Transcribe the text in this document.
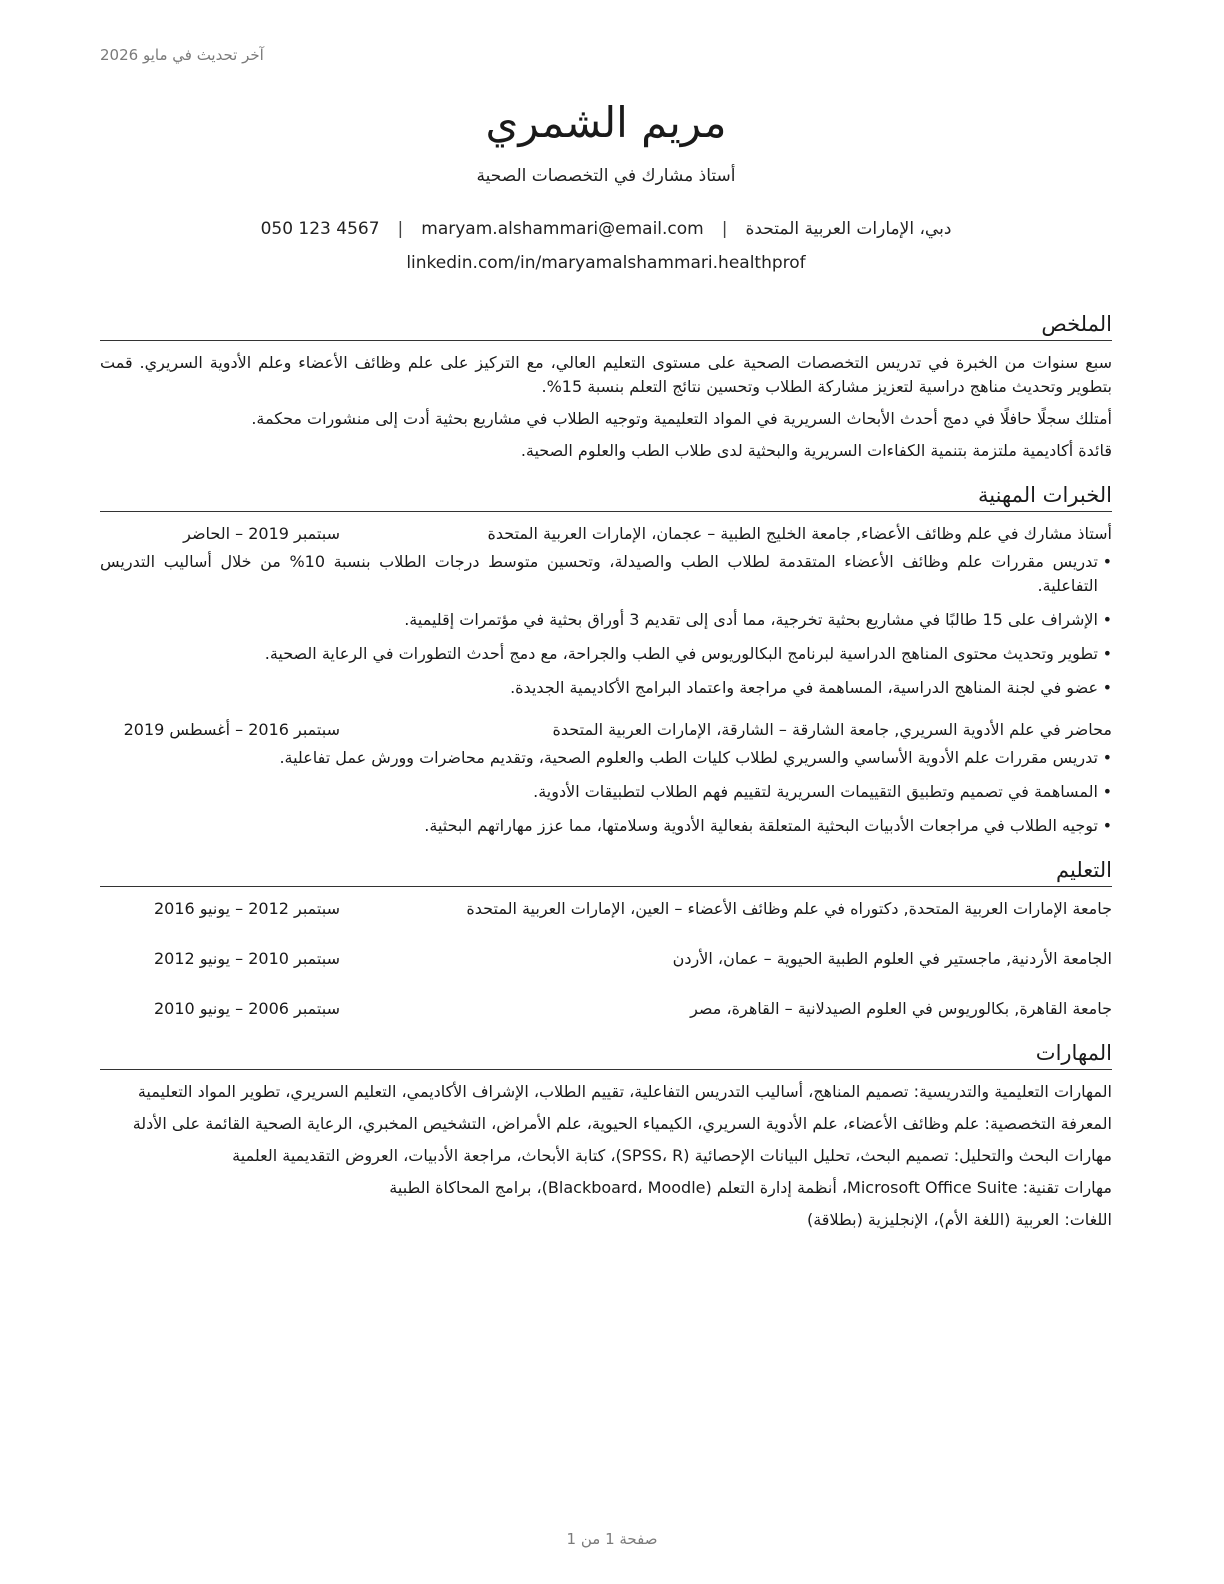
آخر تحديث في مايو 2026
مريم الشمري
أستاذ مشارك في التخصصات الصحية
دبي، الإمارات العربية المتحدة|maryam.alshammari@email.com|050 123 4567
linkedin.com/in/maryamalshammari.healthprof
الملخص

سبع سنوات من الخبرة في تدريس التخصصات الصحية على مستوى التعليم العالي، مع التركيز على علم وظائف الأعضاء وعلم الأدوية السريري. قمت بتطوير وتحديث مناهج دراسية لتعزيز مشاركة الطلاب وتحسين نتائج التعلم بنسبة 15%.

أمتلك سجلًا حافلًا في دمج أحدث الأبحاث السريرية في المواد التعليمية وتوجيه الطلاب في مشاريع بحثية أدت إلى منشورات محكمة.

قائدة أكاديمية ملتزمة بتنمية الكفاءات السريرية والبحثية لدى طلاب الطب والعلوم الصحية.

الخبرات المهنية
أستاذ مشارك في علم وظائف الأعضاء, جامعة الخليج الطبية – عجمان، الإمارات العربية المتحدة
سبتمبر 2019 – الحاضر
• تدريس مقررات علم وظائف الأعضاء المتقدمة لطلاب الطب والصيدلة، وتحسين متوسط درجات الطلاب بنسبة 10% من خلال أساليب التدريس التفاعلية.
• الإشراف على 15 طالبًا في مشاريع بحثية تخرجية، مما أدى إلى تقديم 3 أوراق بحثية في مؤتمرات إقليمية.
• تطوير وتحديث محتوى المناهج الدراسية لبرنامج البكالوريوس في الطب والجراحة، مع دمج أحدث التطورات في الرعاية الصحية.
• عضو في لجنة المناهج الدراسية، المساهمة في مراجعة واعتماد البرامج الأكاديمية الجديدة.
محاضر في علم الأدوية السريري, جامعة الشارقة – الشارقة، الإمارات العربية المتحدة
سبتمبر 2016 – أغسطس 2019
• تدريس مقررات علم الأدوية الأساسي والسريري لطلاب كليات الطب والعلوم الصحية، وتقديم محاضرات وورش عمل تفاعلية.
• المساهمة في تصميم وتطبيق التقييمات السريرية لتقييم فهم الطلاب لتطبيقات الأدوية.
• توجيه الطلاب في مراجعات الأدبيات البحثية المتعلقة بفعالية الأدوية وسلامتها، مما عزز مهاراتهم البحثية.
التعليم
جامعة الإمارات العربية المتحدة, دكتوراه في علم وظائف الأعضاء – العين، الإمارات العربية المتحدة
سبتمبر 2012 – يونيو 2016
الجامعة الأردنية, ماجستير في العلوم الطبية الحيوية – عمان، الأردن
سبتمبر 2010 – يونيو 2012
جامعة القاهرة, بكالوريوس في العلوم الصيدلانية – القاهرة، مصر
سبتمبر 2006 – يونيو 2010
المهارات
المهارات التعليمية والتدريسية: تصميم المناهج، أساليب التدريس التفاعلية، تقييم الطلاب، الإشراف الأكاديمي، التعليم السريري، تطوير المواد التعليمية
المعرفة التخصصية: علم وظائف الأعضاء، علم الأدوية السريري، الكيمياء الحيوية، علم الأمراض، التشخيص المخبري، الرعاية الصحية القائمة على الأدلة
مهارات البحث والتحليل: تصميم البحث، تحليل البيانات الإحصائية (SPSS، R)، كتابة الأبحاث، مراجعة الأدبيات، العروض التقديمية العلمية
مهارات تقنية: Microsoft Office Suite، أنظمة إدارة التعلم (Blackboard، Moodle)، برامج المحاكاة الطبية
اللغات: العربية (اللغة الأم)، الإنجليزية (بطلاقة)
صفحة 1 من 1
